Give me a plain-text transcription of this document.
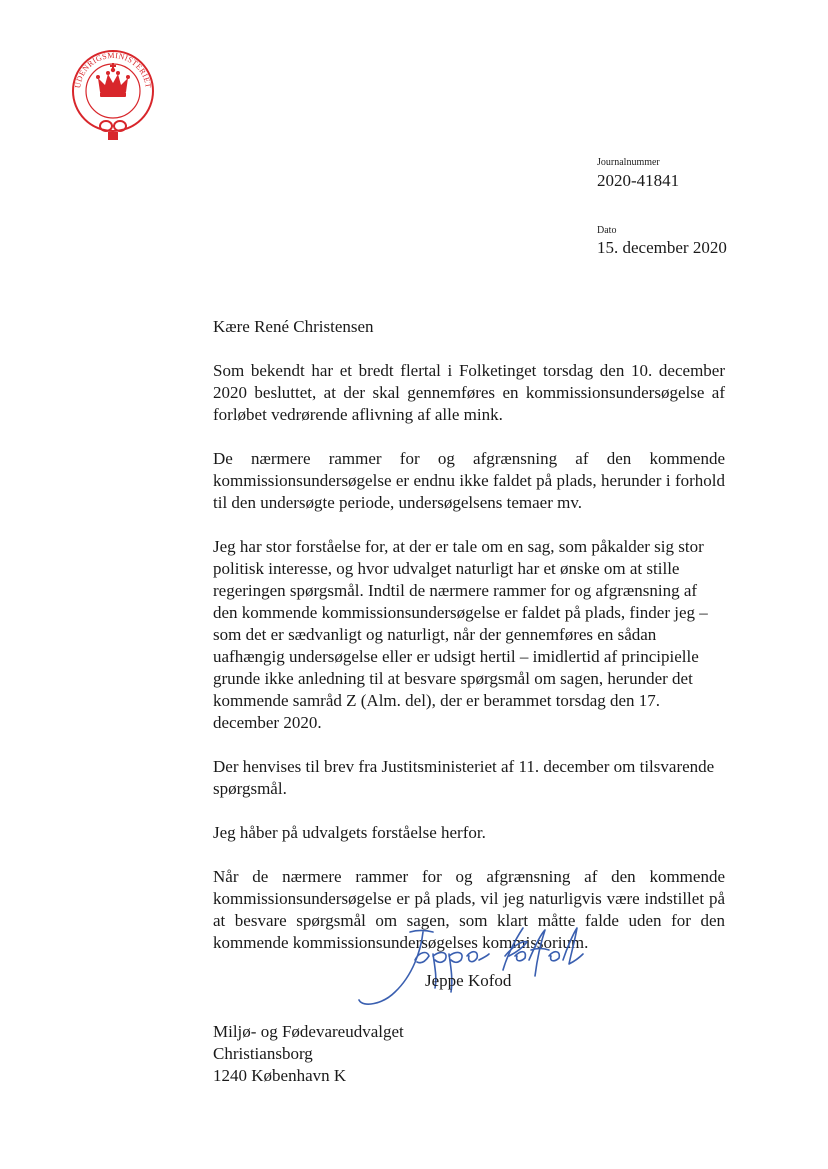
UDENRIGSMINISTERIET
Journalnummer
2020-41841
Dato
15. december 2020

Kære René Christensen

Som bekendt har et bredt flertal i Folketinget torsdag den 10. december 2020 besluttet, at der skal gennemføres en kommissionsundersøgelse af forløbet vedrørende aflivning af alle mink.

De nærmere rammer for og afgrænsning af den kommende kommissionsundersøgelse er endnu ikke faldet på plads, herunder i forhold til den undersøgte periode, undersøgelsens temaer mv.

Jeg har stor forståelse for, at der er tale om en sag, som påkalder sig stor politisk interesse, og hvor udvalget naturligt har et ønske om at stille regeringen spørgsmål. Indtil de nærmere rammer for og afgrænsning af den kommende kommissionsundersøgelse er faldet på plads, finder jeg – som det er sædvanligt og naturligt, når der gennemføres en sådan uafhængig undersøgelse eller er udsigt hertil – imidlertid af principielle grunde ikke anledning til at besvare spørgsmål om sagen, herunder det kommende samråd Z (Alm. del), der er berammet torsdag den 17. december 2020.

Der henvises til brev fra Justitsministeriet af 11. december om tilsvarende spørgsmål.

Jeg håber på udvalgets forståelse herfor.

Når de nærmere rammer for og afgrænsning af den kommende kommissionsundersøgelse er på plads, vil jeg naturligvis være indstillet på at besvare spørgsmål om sagen, som klart måtte falde uden for den kommende kommissionsundersøgelses kommissorium.

Jeppe Kofod
Miljø- og Fødevareudvalget
Christiansborg
1240 København K
